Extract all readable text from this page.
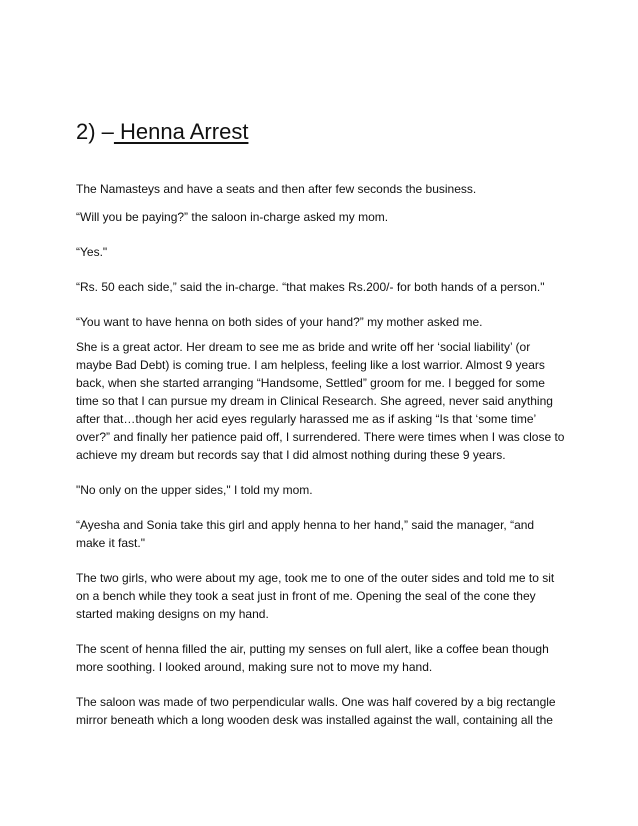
2) – Henna Arrest

The Namasteys and have a seats and then after few seconds the business.

“Will you be paying?” the saloon in-charge asked my mom.

“Yes."

“Rs. 50 each side,” said the in-charge. “that makes Rs.200/- for both hands of a person."

“You want to have henna on both sides of your hand?” my mother asked me.

She is a great actor. Her dream to see me as bride and write off her ‘social liability’ (or maybe Bad Debt) is coming true. I am helpless, feeling like a lost warrior. Almost 9 years back, when she started arranging “Handsome, Settled” groom for me. I begged for some time so that I can pursue my dream in Clinical Research. She agreed, never said anything after that…though her acid eyes regularly harassed me as if asking “Is that ‘some time’ over?” and finally her patience paid off, I surrendered. There were times when I was close to achieve my dream but records say that I did almost nothing during these 9 years.

"No only on the upper sides," I told my mom.

“Ayesha and Sonia take this girl and apply henna to her hand,” said the manager, “and make it fast."

The two girls, who were about my age, took me to one of the outer sides and told me to sit on a bench while they took a seat just in front of me. Opening the seal of the cone they started making designs on my hand.

The scent of henna filled the air, putting my senses on full alert, like a coffee bean though more soothing. I looked around, making sure not to move my hand.

The saloon was made of two perpendicular walls. One was half covered by a big rectangle mirror beneath which a long wooden desk was installed against the wall, containing all the
